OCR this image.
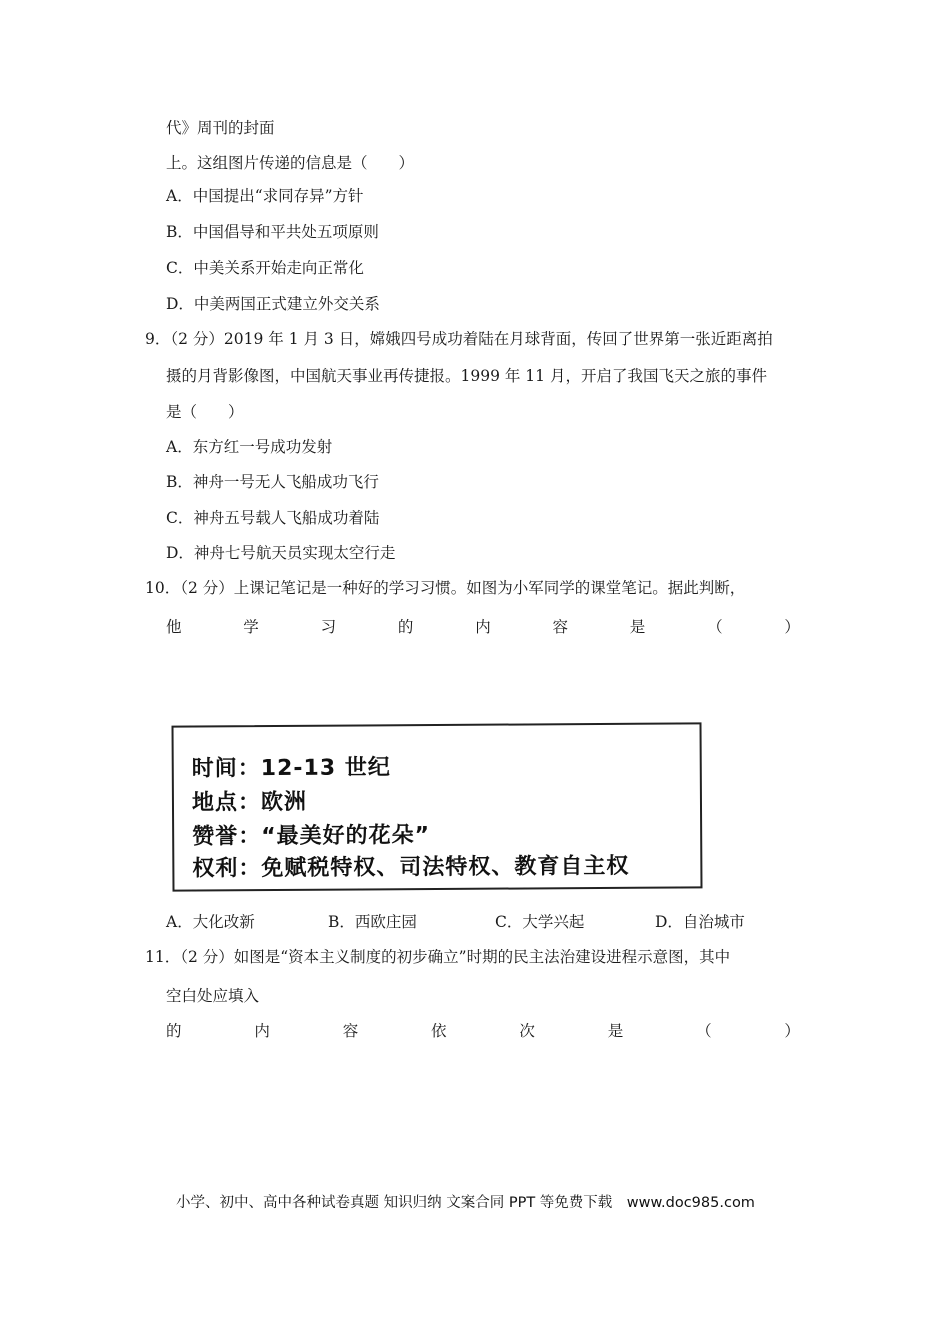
代》周刊的封面
上。这组图片传递的信息是（　　）
A．中国提出“求同存异”方针
B．中国倡导和平共处五项原则
C．中美关系开始走向正常化
D．中美两国正式建立外交关系
9．（2 分）2019 年 1 月 3 日，嫦娥四号成功着陆在月球背面，传回了世界第一张近距离拍
摄的月背影像图，中国航天事业再传捷报。1999 年 11 月，开启了我国飞天之旅的事件
是（　　）
A．东方红一号成功发射
B．神舟一号无人飞船成功飞行
C．神舟五号载人飞船成功着陆
D．神舟七号航天员实现太空行走
10．（2 分）上课记笔记是一种好的学习习惯。如图为小军同学的课堂笔记。据此判断，
他	学	习	的	内	容	是	（	）
时间：12-13 世纪
地点：欧洲
赞誉：“最美好的花朵”
权利：免赋税特权、司法特权、教育自主权
A．大化改新	B．西欧庄园	C．大学兴起	D．自治城市
11．（2 分）如图是“资本主义制度的初步确立”时期的民主法治建设进程示意图，其中
空白处应填入
的	内	容	依	次	是	（	）
小学、初中、高中各种试卷真题 知识归纳 文案合同 PPT 等免费下载　www.doc985.com
